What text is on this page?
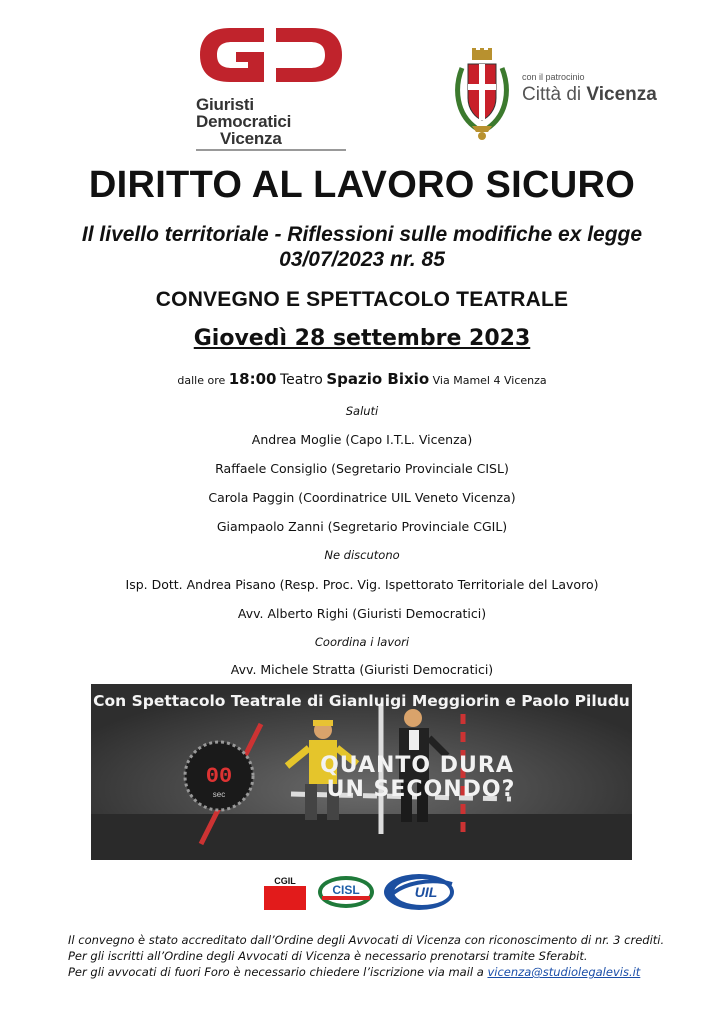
Giuristi
Democratici
Vicenza
con il patrocinio
Città di Vicenza
DIRITTO AL LAVORO SICURO
Il livello territoriale - Riflessioni sulle modifiche ex legge 03/07/2023 nr. 85
CONVEGNO E SPETTACOLO TEATRALE
Giovedì 28 settembre 2023
dalle ore 18:00 Teatro Spazio Bixio Via Mamel 4 Vicenza
Saluti
Andrea Moglie (Capo I.T.L. Vicenza)
Raffaele Consiglio (Segretario Provinciale CISL)
Carola Paggin (Coordinatrice UIL Veneto Vicenza)
Giampaolo Zanni (Segretario Provinciale CGIL)
Ne discutono
Isp. Dott. Andrea Pisano (Resp. Proc. Vig. Ispettorato Territoriale del Lavoro)
Avv. Alberto Righi (Giuristi Democratici)
Coordina i lavori
Avv. Michele Stratta (Giuristi Democratici)
00
sec
QUANTO DURA
UN SECONDO?
Con Spettacolo Teatrale di Gianluigi Meggiorin e Paolo Piludu
CGIL
CISL	UIL
Il convegno è stato accreditato dall’Ordine degli Avvocati di Vicenza con riconoscimento di nr. 3 crediti.
Per gli iscritti all’Ordine degli Avvocati di Vicenza è necessario prenotarsi tramite Sferabit.
Per gli avvocati di fuori Foro è necessario chiedere l’iscrizione via mail a vicenza@studiolegalevis.it
